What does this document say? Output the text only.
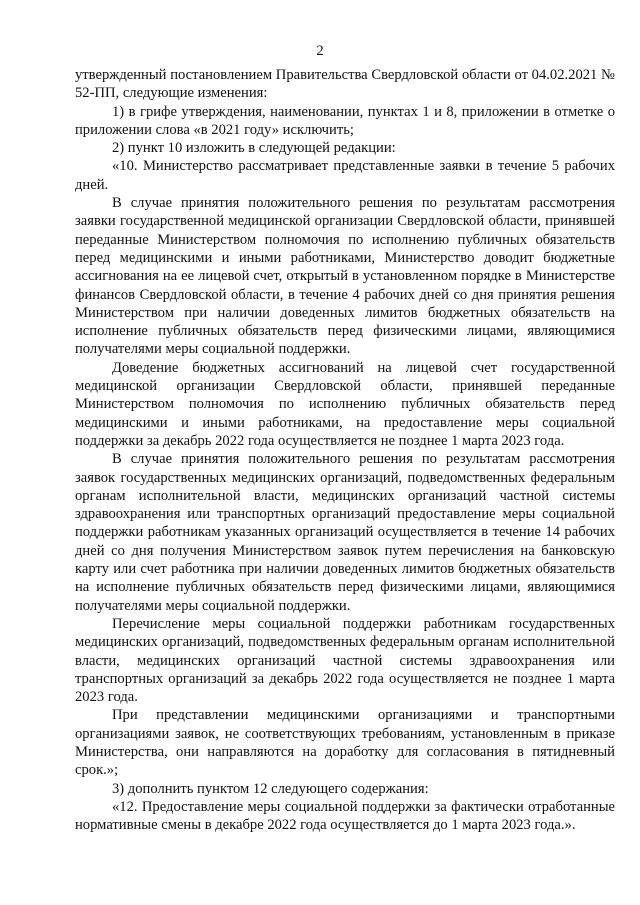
2

утвержденный постановлением Правительства Свердловской области от 04.02.2021 № 52-ПП, следующие изменения:

1) в грифе утверждения, наименовании, пунктах 1 и 8, приложении в отметке о приложении слова «в 2021 году» исключить;

2) пункт 10 изложить в следующей редакции:

«10. Министерство рассматривает представленные заявки в течение 5 рабочих дней.

В случае принятия положительного решения по результатам рассмотрения заявки государственной медицинской организации Свердловской области, принявшей переданные Министерством полномочия по исполнению публичных обязательств перед медицинскими и иными работниками, Министерство доводит бюджетные ассигнования на ее лицевой счет, открытый в установленном порядке в Министерстве финансов Свердловской области, в течение 4 рабочих дней со дня принятия решения Министерством при наличии доведенных лимитов бюджетных обязательств на исполнение публичных обязательств перед физическими лицами, являющимися получателями меры социальной поддержки.

Доведение бюджетных ассигнований на лицевой счет государственной медицинской организации Свердловской области, принявшей переданные Министерством полномочия по исполнению публичных обязательств перед медицинскими и иными работниками, на предоставление меры социальной поддержки за декабрь 2022 года осуществляется не позднее 1 марта 2023 года.

В случае принятия положительного решения по результатам рассмотрения заявок государственных медицинских организаций, подведомственных федеральным органам исполнительной власти, медицинских организаций частной системы здравоохранения или транспортных организаций предоставление меры социальной поддержки работникам указанных организаций осуществляется в течение 14 рабочих дней со дня получения Министерством заявок путем перечисления на банковскую карту или счет работника при наличии доведенных лимитов бюджетных обязательств на исполнение публичных обязательств перед физическими лицами, являющимися получателями меры социальной поддержки.

Перечисление меры социальной поддержки работникам государственных медицинских организаций, подведомственных федеральным органам исполнительной власти, медицинских организаций частной системы здравоохранения или транспортных организаций за декабрь 2022 года осуществляется не позднее 1 марта 2023 года.

При представлении медицинскими организациями и транспортными организациями заявок, не соответствующих требованиям, установленным в приказе Министерства, они направляются на доработку для согласования в пятидневный срок.»;

3) дополнить пунктом 12 следующего содержания:

«12. Предоставление меры социальной поддержки за фактически отработанные нормативные смены в декабре 2022 года осуществляется до 1 марта 2023 года.».
